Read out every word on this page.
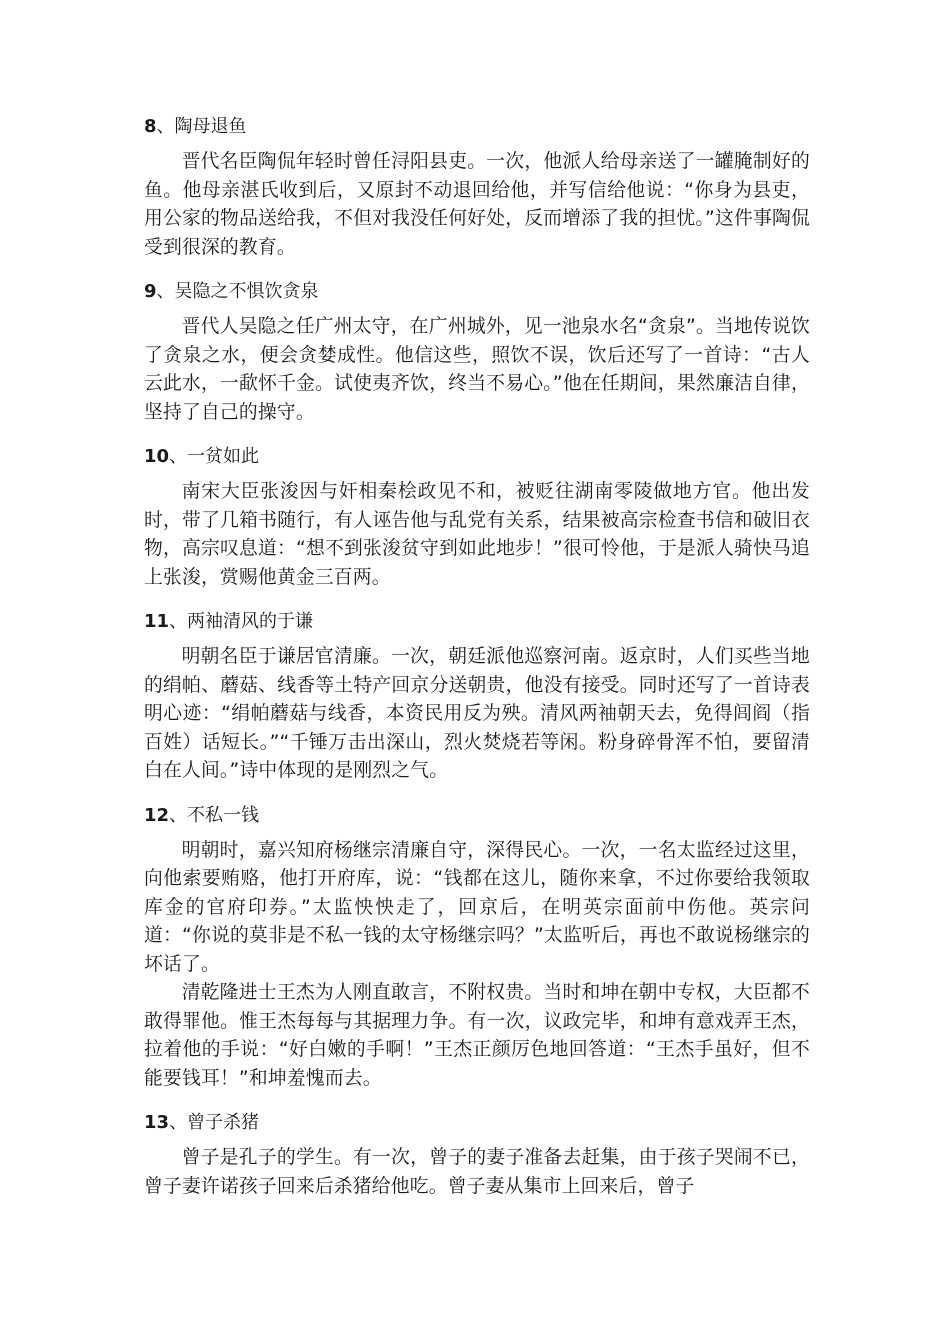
8、陶母退鱼

晋代名臣陶侃年轻时曾任浔阳县吏。一次，他派人给母亲送了一罐腌制好的鱼。他母亲湛氏收到后，又原封不动退回给他，并写信给他说：“你身为县吏，用公家的物品送给我，不但对我没任何好处，反而增添了我的担忧。”这件事陶侃受到很深的教育。

9、吴隐之不惧饮贪泉

晋代人吴隐之任广州太守，在广州城外，见一池泉水名“贪泉”。当地传说饮了贪泉之水，便会贪婪成性。他信这些，照饮不误，饮后还写了一首诗：“古人云此水，一歃怀千金。试使夷齐饮，终当不易心。”他在任期间，果然廉洁自律，坚持了自己的操守。

10、一贫如此

南宋大臣张浚因与奸相秦桧政见不和，被贬往湖南零陵做地方官。他出发时，带了几箱书随行，有人诬告他与乱党有关系，结果被高宗检查书信和破旧衣物，高宗叹息道：“想不到张浚贫守到如此地步！”很可怜他，于是派人骑快马追上张浚，赏赐他黄金三百两。

11、两袖清风的于谦

明朝名臣于谦居官清廉。一次，朝廷派他巡察河南。返京时，人们买些当地的绢帕、蘑菇、线香等土特产回京分送朝贵，他没有接受。同时还写了一首诗表明心迹：“绢帕蘑菇与线香，本资民用反为殃。清风两袖朝天去，免得闾阎（指百姓）话短长。”“千锤万击出深山，烈火焚烧若等闲。粉身碎骨浑不怕，要留清白在人间。”诗中体现的是刚烈之气。

12、不私一钱

明朝时，嘉兴知府杨继宗清廉自守，深得民心。一次，一名太监经过这里，向他索要贿赂，他打开府库，说：“钱都在这儿，随你来拿，不过你要给我领取库金的官府印券。”太监怏怏走了，回京后，在明英宗面前中伤他。英宗问道：“你说的莫非是不私一钱的太守杨继宗吗？”太监听后，再也不敢说杨继宗的坏话了。

清乾隆进士王杰为人刚直敢言，不附权贵。当时和坤在朝中专权，大臣都不敢得罪他。惟王杰每每与其据理力争。有一次，议政完毕，和坤有意戏弄王杰，拉着他的手说：“好白嫩的手啊！”王杰正颜厉色地回答道：“王杰手虽好，但不能要钱耳！”和坤羞愧而去。

13、曾子杀猪

曾子是孔子的学生。有一次，曾子的妻子准备去赶集，由于孩子哭闹不已，曾子妻许诺孩子回来后杀猪给他吃。曾子妻从集市上回来后，曾子
